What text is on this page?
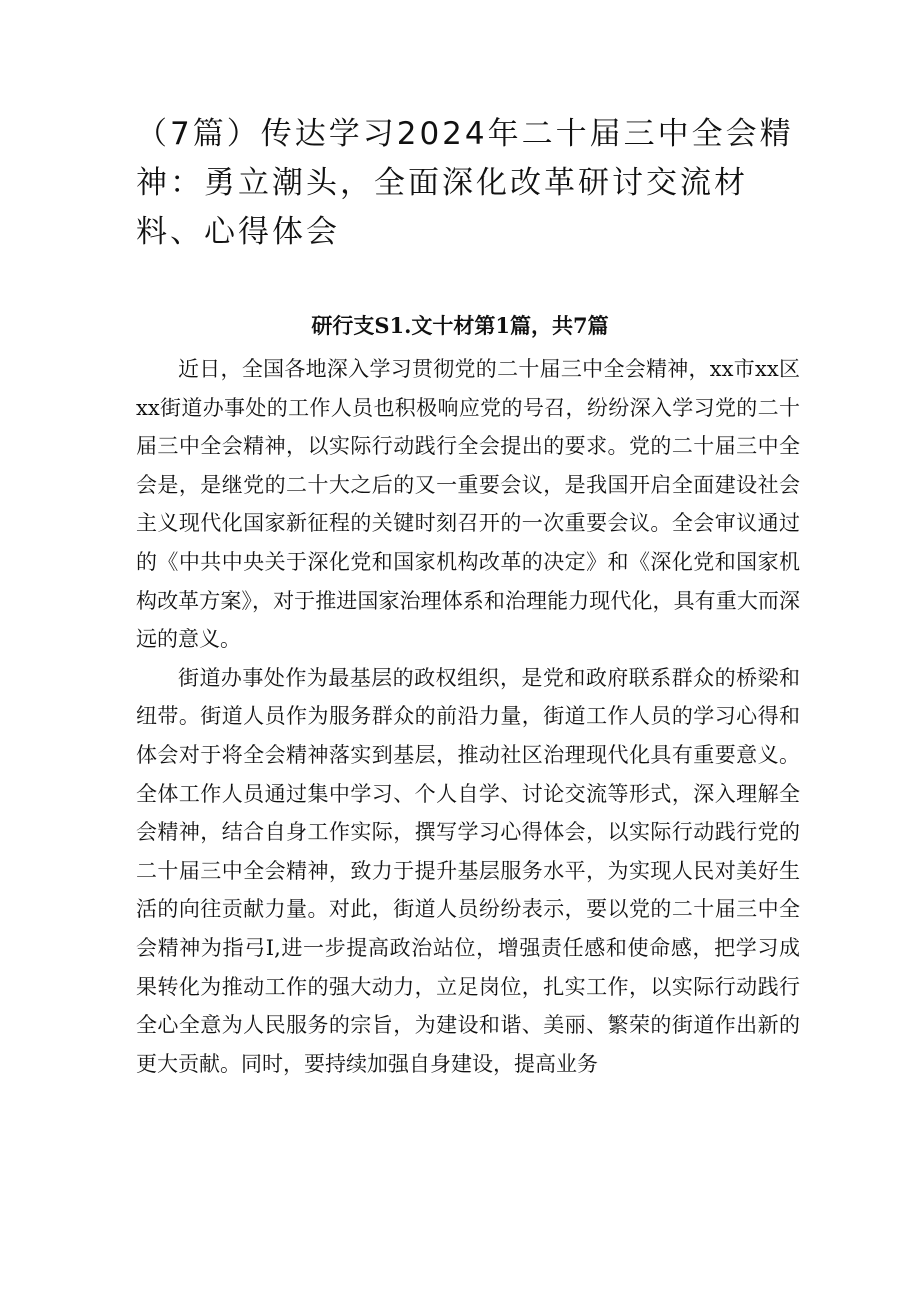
（7篇）传达学习2024年二十届三中全会精神：勇立潮头，全面深化改革研讨交流材料、心得体会
研行支S1.文十材第1篇，共7篇

近日，全国各地深入学习贯彻党的二十届三中全会精神，xx市xx区xx街道办事处的工作人员也积极响应党的号召，纷纷深入学习党的二十届三中全会精神，以实际行动践行全会提出的要求。党的二十届三中全会是，是继党的二十大之后的又一重要会议，是我国开启全面建设社会主义现代化国家新征程的关键时刻召开的一次重要会议。全会审议通过的《中共中央关于深化党和国家机构改革的决定》和《深化党和国家机构改革方案》，对于推进国家治理体系和治理能力现代化，具有重大而深远的意义。

街道办事处作为最基层的政权组织，是党和政府联系群众的桥梁和纽带。街道人员作为服务群众的前沿力量，街道工作人员的学习心得和体会对于将全会精神落实到基层，推动社区治理现代化具有重要意义。全体工作人员通过集中学习、个人自学、讨论交流等形式，深入理解全会精神，结合自身工作实际，撰写学习心得体会，以实际行动践行党的二十届三中全会精神，致力于提升基层服务水平，为实现人民对美好生活的向往贡献力量。对此，街道人员纷纷表示，要以党的二十届三中全会精神为指弓I,进一步提高政治站位，增强责任感和使命感，把学习成果转化为推动工作的强大动力，立足岗位，扎实工作，以实际行动践行全心全意为人民服务的宗旨，为建设和谐、美丽、繁荣的街道作出新的更大贡献。同时，要持续加强自身建设，提高业务
